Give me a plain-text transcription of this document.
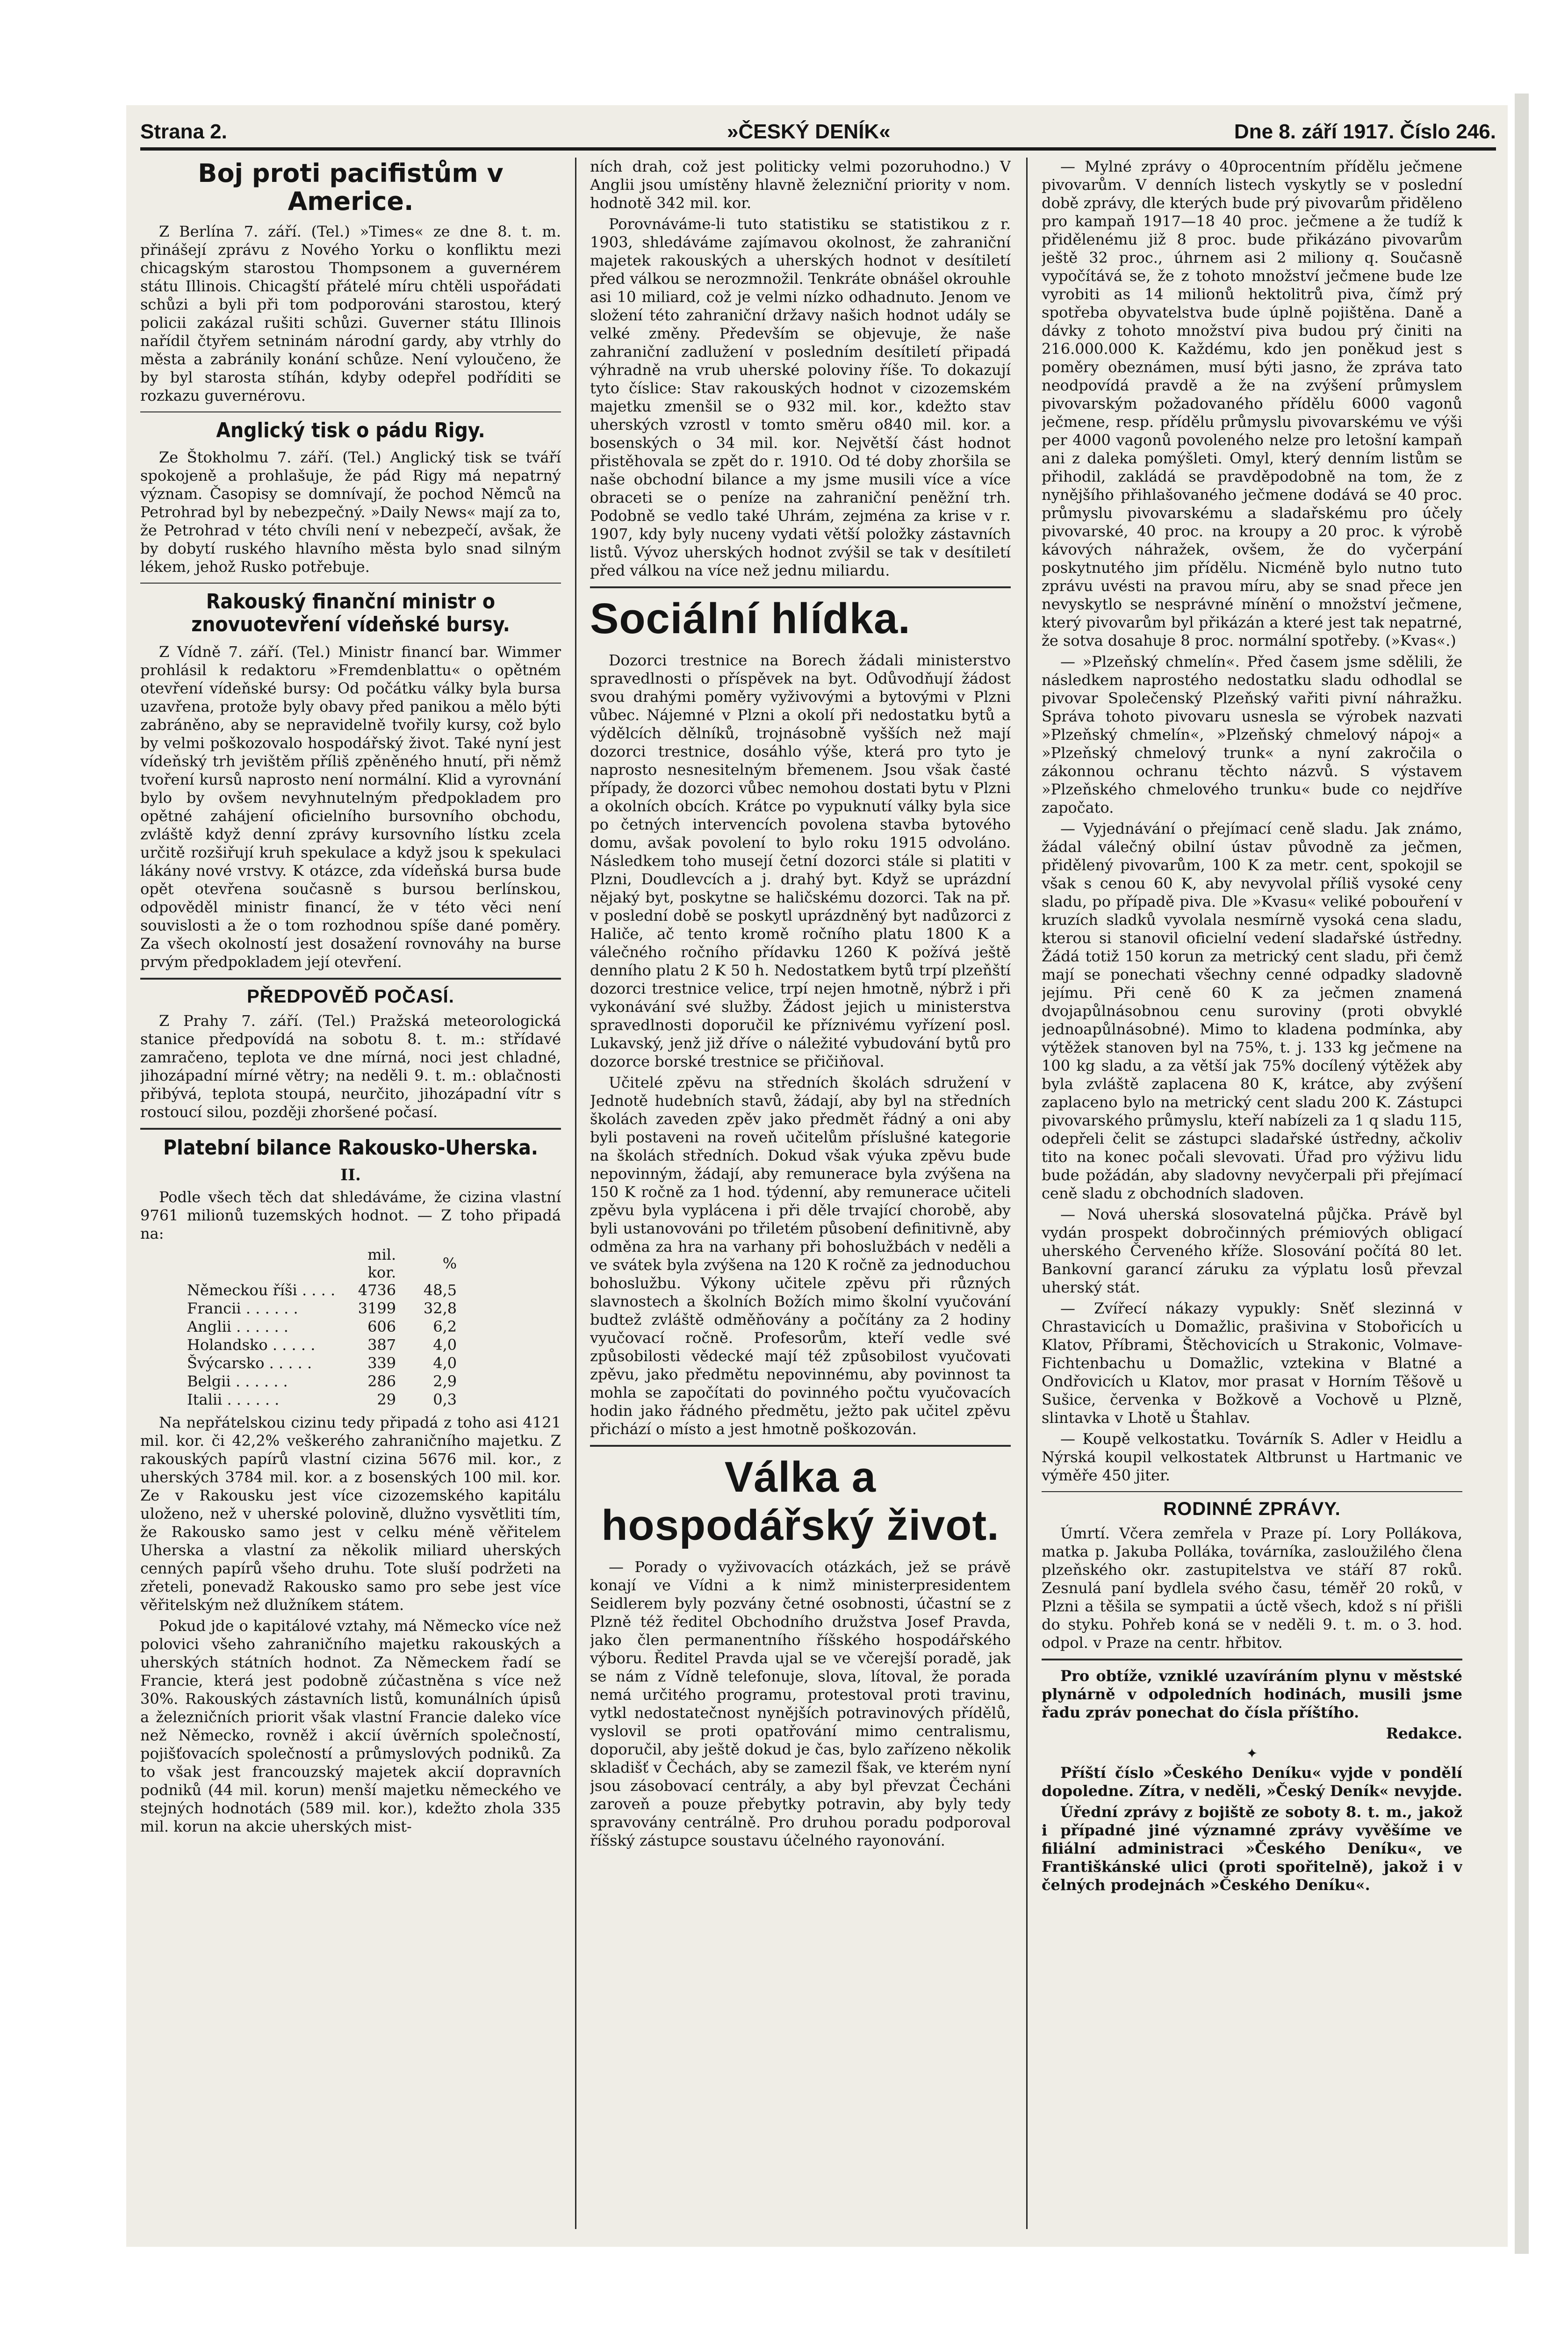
Strana 2.	»ČESKÝ DENÍK«	Dne 8. září 1917. Číslo 246.
Boj proti pacifistům v Americe.

Z Berlína 7. září. (Tel.) »Times« ze dne 8. t. m. přinášejí zprávu z Nového Yorku o konfliktu mezi chicagským starostou Thompsonem a guvernérem státu Illinois. Chicagští přátelé míru chtěli uspořádati schůzi a byli při tom podporováni starostou, který policii zakázal rušiti schůzi. Guverner státu Illinois nařídil čtyřem setninám národní gardy, aby vtrhly do města a zabránily konání schůze. Není vyloučeno, že by byl starosta stíhán, kdyby odepřel podříditi se rozkazu guvernérovu.

Anglický tisk o pádu Rigy.

Ze Štokholmu 7. září. (Tel.) Anglický tisk se tváří spokojeně a prohlašuje, že pád Rigy má nepatrný význam. Časopisy se domnívají, že pochod Němců na Petrohrad byl by nebezpečný. »Daily News« mají za to, že Petrohrad v této chvíli není v nebezpečí, avšak, že by dobytí ruského hlavního města bylo snad silným lékem, jehož Rusko potřebuje.

Rakouský finanční ministr o znovuotevření vídeňské bursy.

Z Vídně 7. září. (Tel.) Ministr financí bar. Wimmer prohlásil k redaktoru »Fremdenblattu« o opětném otevření vídeňské bursy: Od počátku války byla bursa uzavřena, protože byly obavy před panikou a mělo býti zabráněno, aby se nepravidelně tvořily kursy, což bylo by velmi poškozovalo hospodářský život. Také nyní jest vídeňský trh jevištěm příliš zpěněného hnutí, při němž tvoření kursů naprosto není normální. Klid a vyrovnání bylo by ovšem nevyhnutelným předpokladem pro opětné zahájení oficielního bursovního obchodu, zvláště když denní zprávy kursovního lístku zcela určitě rozšiřují kruh spekulace a když jsou k spekulaci lákány nové vrstvy. K otázce, zda vídeňská bursa bude opět otevřena současně s bursou berlínskou, odpověděl ministr financí, že v této věci není souvislosti a že o tom rozhodnou spíše dané poměry. Za všech okolností jest dosažení rovnováhy na burse prvým předpokladem její otevření.

PŘEDPOVĚĎ POČASÍ.

Z Prahy 7. září. (Tel.) Pražská meteorologická stanice předpovídá na sobotu 8. t. m.: střídavé zamračeno, teplota ve dne mírná, noci jest chladné, jihozápadní mírné větry; na neděli 9. t. m.: oblačnosti přibývá, teplota stoupá, neurčito, jihozápadní vítr s rostoucí silou, později zhoršené počasí.

Platební bilance Rakousko-Uherska.
II.

Podle všech těch dat shledáváme, že cizina vlastní 9761 milionů tuzemských hodnot. — Z toho připadá na:

	mil. kor.	%
Německou říši . . . .	4736	48,5
Francii . . . . . .	3199	32,8
Anglii . . . . . .	606	6,2
Holandsko . . . . .	387	4,0
Švýcarsko . . . . .	339	4,0
Belgii . . . . . .	286	2,9
Italii . . . . . .	29	0,3

Na nepřátelskou cizinu tedy připadá z toho asi 4121 mil. kor. či 42,2% veškerého zahraničního majetku. Z rakouských papírů vlastní cizina 5676 mil. kor., z uherských 3784 mil. kor. a z bosenských 100 mil. kor. Ze v Rakousku jest více cizozemského kapitálu uloženo, než v uherské polovině, dlužno vysvětliti tím, že Rakousko samo jest v celku méně věřitelem Uherska a vlastní za několik miliard uherských cenných papírů všeho druhu. Tote sluší podržeti na zřeteli, ponevadž Rakousko samo pro sebe jest více věřitelským než dlužníkem státem.

Pokud jde o kapitálové vztahy, má Německo více než polovici všeho zahraničního majetku rakouských a uherských státních hodnot. Za Německem řadí se Francie, která jest podobně zúčastněna s více než 30%. Rakouských zástavních listů, komunálních úpisů a železničních priorit však vlastní Francie daleko více než Německo, rovněž i akcií úvěrních společností, pojišťovacích společností a průmyslových podniků. Za to však jest francouzský majetek akcií dopravních podniků (44 mil. korun) menší majetku německého ve stejných hodnotách (589 mil. kor.), kdežto zhola 335 mil. korun na akcie uherských mist-

ních drah, což jest politicky velmi pozoruhodno.) V Anglii jsou umístěny hlavně železniční priority v nom. hodnotě 342 mil. kor.

Porovnáváme-li tuto statistiku se statistikou z r. 1903, shledáváme zajímavou okolnost, že zahraniční majetek rakouských a uherských hodnot v desítiletí před válkou se nerozmnožil. Tenkráte obnášel okrouhle asi 10 miliard, což je velmi nízko odhadnuto. Jenom ve složení této zahraniční državy našich hodnot udály se velké změny. Především se objevuje, že naše zahraniční zadlužení v posledním desítiletí připadá výhradně na vrub uherské poloviny říše. To dokazují tyto číslice: Stav rakouských hodnot v cizozemském majetku zmenšil se o 932 mil. kor., kdežto stav uherských vzrostl v tomto směru o840 mil. kor. a bosenských o 34 mil. kor. Největší část hodnot přistěhovala se zpět do r. 1910. Od té doby zhoršila se naše obchodní bilance a my jsme musili více a více obraceti se o peníze na zahraniční peněžní trh. Podobně se vedlo také Uhrám, zejména za krise v r. 1907, kdy byly nuceny vydati větší položky zástavních listů. Vývoz uherských hodnot zvýšil se tak v desítiletí před válkou na více než jednu miliardu.

Sociální hlídka.

Dozorci trestnice na Borech žádali ministerstvo spravedlnosti o příspěvek na byt. Odůvodňují žádost svou drahými poměry vyživovými a bytovými v Plzni vůbec. Nájemné v Plzni a okolí při nedostatku bytů a výdělcích dělníků, trojnásobně vyšších než mají dozorci trestnice, dosáhlo výše, která pro tyto je naprosto nesnesitelným břemenem. Jsou však časté případy, že dozorci vůbec nemohou dostati bytu v Plzni a okolních obcích. Krátce po vypuknutí války byla sice po četných intervencích povolena stavba bytového domu, avšak povolení to bylo roku 1915 odvoláno. Následkem toho musejí četní dozorci stále si platiti v Plzni, Doudlevcích a j. drahý byt. Když se uprázdní nějaký byt, poskytne se haličskému dozorci. Tak na př. v poslední době se poskytl uprázdněný byt nadůzorci z Haliče, ač tento kromě ročního platu 1800 K a válečného ročního přídavku 1260 K požívá ještě denního platu 2 K 50 h. Nedostatkem bytů trpí plzeňští dozorci trestnice velice, trpí nejen hmotně, nýbrž i při vykonávání své služby. Žádost jejich u ministerstva spravedlnosti doporučil ke příznivému vyřízení posl. Lukavský, jenž již dříve o náležité vybudování bytů pro dozorce borské trestnice se přičiňoval.

Učitelé zpěvu na středních školách sdružení v Jednotě hudebních stavů, žádají, aby byl na středních školách zaveden zpěv jako předmět řádný a oni aby byli postaveni na roveň učitelům příslušné kategorie na školách středních. Dokud však výuka zpěvu bude nepovinným, žádají, aby remunerace byla zvýšena na 150 K ročně za 1 hod. týdenní, aby remunerace učiteli zpěvu byla vyplácena i při děle trvající chorobě, aby byli ustanovováni po třiletém působení definitivně, aby odměna za hra na varhany při bohoslužbách v neděli a ve svátek byla zvýšena na 120 K ročně za jednoduchou bohoslužbu. Výkony učitele zpěvu při různých slavnostech a školních Božích mimo školní vyučování budtež zvláště odměňovány a počítány za 2 hodiny vyučovací ročně. Profesorům, kteří vedle své způsobilosti vědecké mají též způsobilost vyučovati zpěvu, jako předmětu nepovinnému, aby povinnost ta mohla se započítati do povinného počtu vyučovacích hodin jako řádného předmětu, ježto pak učitel zpěvu přichází o místo a jest hmotně poškozován.

Válka a hospodářský život.

— Porady o vyživovacích otázkách, jež se právě konají ve Vídni a k nimž ministerpresidentem Seidlerem byly pozvány četné osobnosti, účastní se z Plzně též ředitel Obchodního družstva Josef Pravda, jako člen permanentního říšského hospodářského výboru. Ředitel Pravda ujal se ve včerejší poradě, jak se nám z Vídně telefonuje, slova, lítoval, že porada nemá určitého programu, protestoval proti travinu, vytkl nedostatečnost nynějších potravinových přídělů, vyslovil se proti opatřování mimo centralismu, doporučil, aby ještě dokud je čas, bylo zařízeno několik skladišť v Čechách, aby se zamezil fšak, ve kterém nyní jsou zásobovací centrály, a aby byl převzat Čecháni zaroveň a pouze přebytky potravin, aby byly tedy spravovány centrálně. Pro druhou poradu podporoval říšský zástupce soustavu účelného rayonování.

— Mylné zprávy o 40procentním přídělu ječmene pivovarům. V denních listech vyskytly se v poslední době zprávy, dle kterých bude prý pivovarům přiděleno pro kampaň 1917—18 40 proc. ječmene a že tudíž k přidělenému již 8 proc. bude přikázáno pivovarům ještě 32 proc., úhrnem asi 2 miliony q. Současně vypočítává se, že z tohoto množství ječmene bude lze vyrobiti as 14 milionů hektolitrů piva, čímž prý spotřeba obyvatelstva bude úplně pojištěna. Daně a dávky z tohoto množství piva budou prý činiti na 216.000.000 K. Každému, kdo jen poněkud jest s poměry obeznámen, musí býti jasno, že zpráva tato neodpovídá pravdě a že na zvýšení průmyslem pivovarským požadovaného přídělu 6000 vagonů ječmene, resp. přídělu průmyslu pivovarskému ve výši per 4000 vagonů povoleného nelze pro letošní kampaň ani z daleka pomýšleti. Omyl, který denním listům se přihodil, zakládá se pravděpodobně na tom, že z nynějšího přihlašovaného ječmene dodává se 40 proc. průmyslu pivovarskému a sladařskému pro účely pivovarské, 40 proc. na kroupy a 20 proc. k výrobě kávových náhražek, ovšem, že do vyčerpání poskytnutého jim přídělu. Nicméně bylo nutno tuto zprávu uvésti na pravou míru, aby se snad přece jen nevyskytlo se nesprávné mínění o množství ječmene, který pivovarům byl přikázán a které jest tak nepatrné, že sotva dosahuje 8 proc. normální spotřeby. (»Kvas«.)

— »Plzeňský chmelín«. Před časem jsme sdělili, že následkem naprostého nedostatku sladu odhodlal se pivovar Společenský Plzeňský vařiti pivní náhražku. Správa tohoto pivovaru usnesla se výrobek nazvati »Plzeňský chmelín«, »Plzeňský chmelový nápoj« a »Plzeňský chmelový trunk« a nyní zakročila o zákonnou ochranu těchto názvů. S výstavem »Plzeňského chmelového trunku« bude co nejdříve započato.

— Vyjednávání o přejímací ceně sladu. Jak známo, žádal válečný obilní ústav původně za ječmen, přidělený pivovarům, 100 K za metr. cent, spokojil se však s cenou 60 K, aby nevyvolal příliš vysoké ceny sladu, po případě piva. Dle »Kvasu« veliké pobouření v kruzích sladků vyvolala nesmírně vysoká cena sladu, kterou si stanovil oficielní vedení sladařské ústředny. Žádá totiž 150 korun za metrický cent sladu, při čemž mají se ponechati všechny cenné odpadky sladovně jejímu. Při ceně 60 K za ječmen znamená dvojapůlnásobnou cenu suroviny (proti obvyklé jednoapůlnásobné). Mimo to kladena podmínka, aby výtěžek stanoven byl na 75%, t. j. 133 kg ječmene na 100 kg sladu, a za větší jak 75% docílený výtěžek aby byla zvláště zaplacena 80 K, krátce, aby zvýšení zaplaceno bylo na metrický cent sladu 200 K. Zástupci pivovarského průmyslu, kteří nabízeli za 1 q sladu 115, odepřeli čelit se zástupci sladařské ústředny, ačkoliv tito na konec počali slevovati. Úřad pro výživu lidu bude požádán, aby sladovny nevyčerpali při přejímací ceně sladu z obchodních sladoven.

— Nová uherská slosovatelná půjčka. Právě byl vydán prospekt dobročinných prémiových obligací uherského Červeného kříže. Slosování počítá 80 let. Bankovní garancí záruku za výplatu losů převzal uherský stát.

— Zvířecí nákazy vypukly: Sněť slezinná v Chrastavicích u Domažlic, prašivina v Stobořicích u Klatov, Příbrami, Štěchovicích u Strakonic, Volmave-Fichtenbachu u Domažlic, vztekina v Blatné a Ondřovicích u Klatov, mor prasat v Horním Těšově u Sušice, červenka v Božkově a Vochově u Plzně, slintavka v Lhotě u Štahlav.

— Koupě velkostatku. Továrník S. Adler v Heidlu a Nýrská koupil velkostatek Altbrunst u Hartmanic ve výměře 450 jiter.

RODINNÉ ZPRÁVY.

Úmrtí. Včera zemřela v Praze pí. Lory Pollákova, matka p. Jakuba Polláka, továrníka, zasloužilého člena plzeňského okr. zastupitelstva ve stáří 87 roků. Zesnulá paní bydlela svého času, téměř 20 roků, v Plzni a těšila se sympatii a úctě všech, kdož s ní přišli do styku. Pohřeb koná se v neděli 9. t. m. o 3. hod. odpol. v Praze na centr. hřbitov.

Pro obtíže, vzniklé uzavíráním plynu v městské plynárně v odpoledních hodinách, musili jsme řadu zpráv ponechat do čísla příštího.

Redakce.

✦

Příští číslo »Českého Deníku« vyjde v pondělí dopoledne. Zítra, v neděli, »Český Deník« nevyjde.

Úřední zprávy z bojiště ze soboty 8. t. m., jakož i případné jiné významné zprávy vyvěšíme ve filiální administraci »Českého Deníku«, ve Františkánské ulici (proti spořitelně), jakož i v čelných prodejnách »Českého Deníku«.
